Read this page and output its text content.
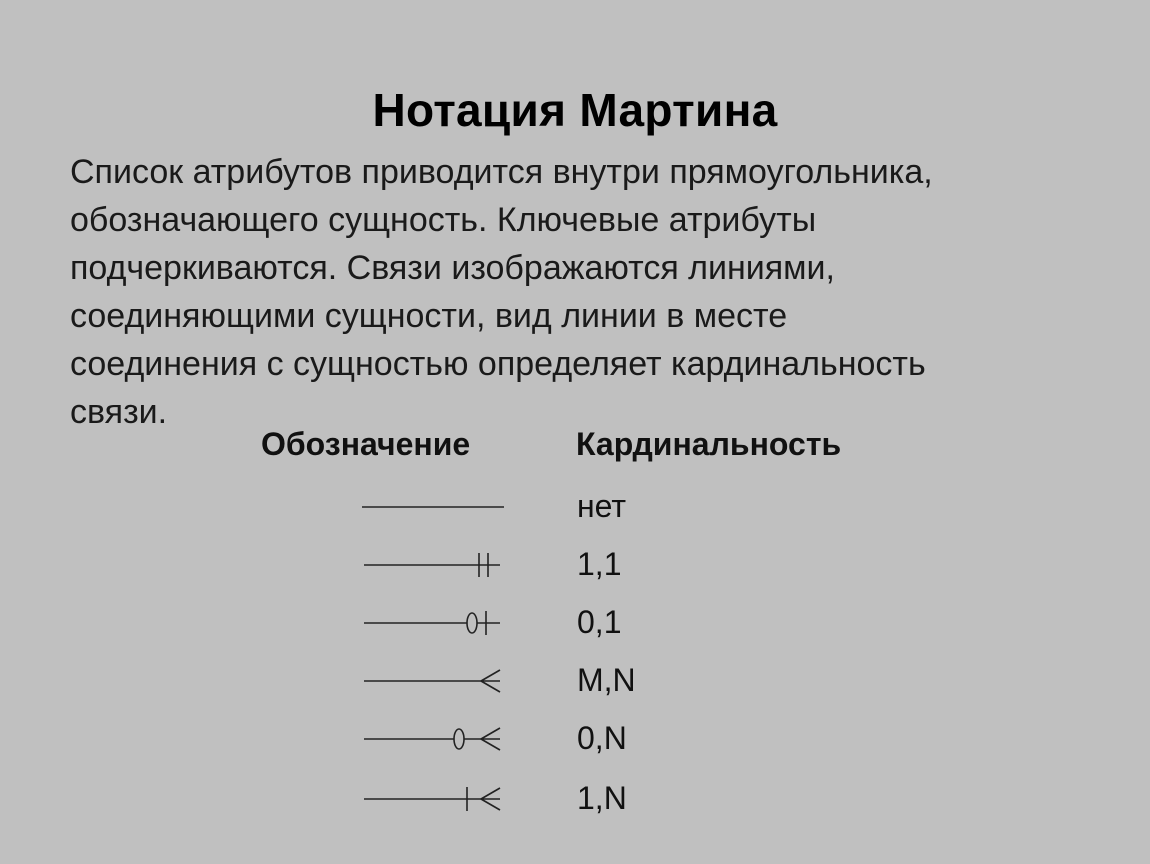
Нотация Мартина
Список атрибутов приводится внутри прямоугольника,
обозначающего сущность. Ключевые атрибуты
подчеркиваются. Связи изображаются линиями,
соединяющими сущности, вид линии в месте
соединения с сущностью определяет кардинальность
связи.
Обозначение	Кардинальность
нет
1,1
0,1
M,N
0,N
1,N
